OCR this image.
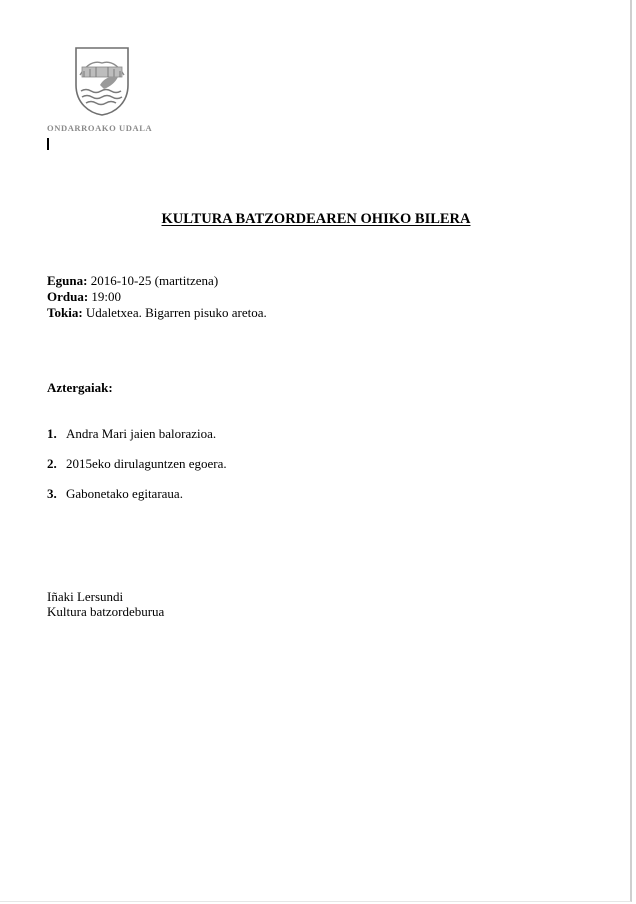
ONDARROAKO UDALA
KULTURA BATZORDEAREN OHIKO BILERA
Eguna: 2016-10-25 (martitzena)
Ordua: 19:00
Tokia: Udaletxea. Bigarren pisuko aretoa.
Aztergaiak:
1. Andra Mari jaien balorazioa.
2. 2015eko dirulaguntzen egoera.
3. Gabonetako egitaraua.
Iñaki Lersundi
Kultura batzordeburua
